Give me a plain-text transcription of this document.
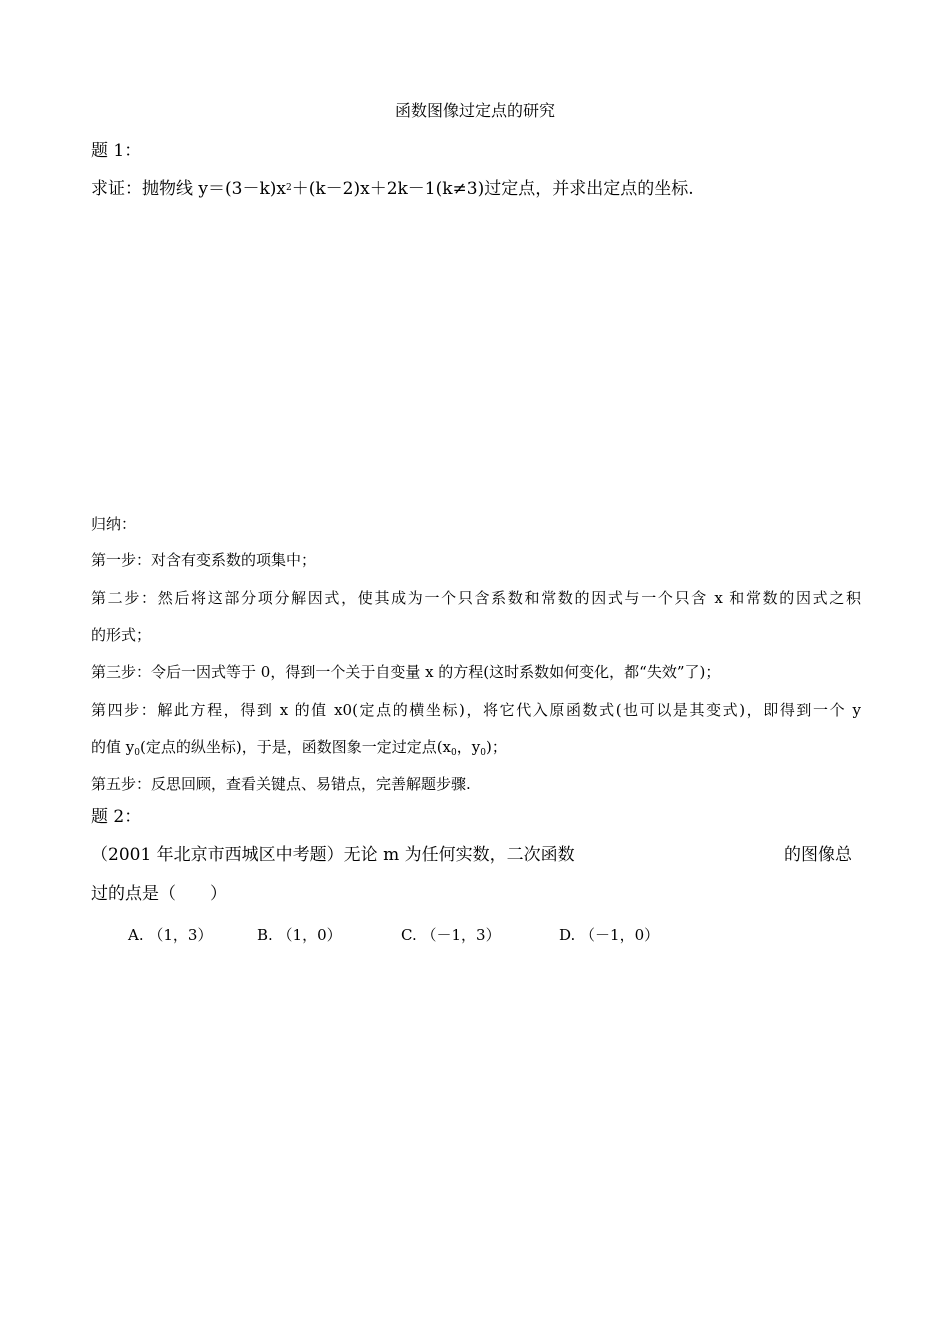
函数图像过定点的研究
题 1：
求证：抛物线 $y=(3-k)x^2+(k-2)x+2k-1(k\ne 3)$过定点，并求出定点的坐标.
归纳：
第一步：对含有变系数的项集中；
第二步：然后将这部分项分解因式，使其成为一个只含系数和常数的因式与一个只含 x 和常数的因式之积
的形式；
第三步：令后一因式等于 0，得到一个关于自变量 x 的方程(这时系数如何变化，都“失效”了)；
第四步：解此方程，得到 x 的值 x0(定点的横坐标)，将它代入原函数式(也可以是其变式)，即得到一个 y
的值 $y_0$(定点的纵坐标)，于是，函数图象一定过定点($x_0$，$y_0$)；
第五步：反思回顾，查看关键点、易错点，完善解题步骤.
题 2：
（2001 年北京市西城区中考题）无论 m 为任何实数，二次函数	的图像总
过的点是（　　）
A. （1，3）	B. （1，0）	C. （－1，3）	D. （－1，0）
